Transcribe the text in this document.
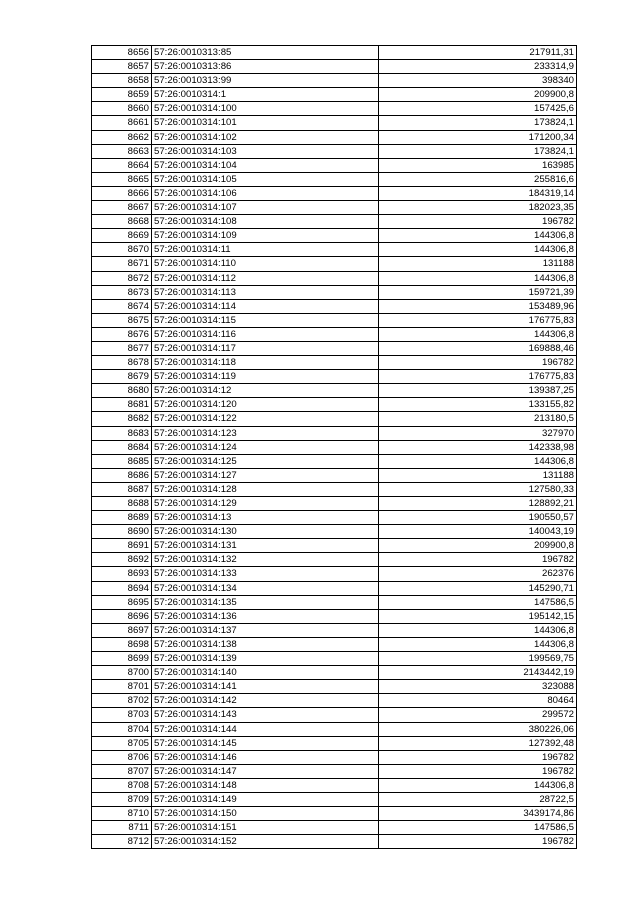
8656	57:26:0010313:85	217911,31
8657	57:26:0010313:86	233314,9
8658	57:26:0010313:99	398340
8659	57:26:0010314:1	209900,8
8660	57:26:0010314:100	157425,6
8661	57:26:0010314:101	173824,1
8662	57:26:0010314:102	171200,34
8663	57:26:0010314:103	173824,1
8664	57:26:0010314:104	163985
8665	57:26:0010314:105	255816,6
8666	57:26:0010314:106	184319,14
8667	57:26:0010314:107	182023,35
8668	57:26:0010314:108	196782
8669	57:26:0010314:109	144306,8
8670	57:26:0010314:11	144306,8
8671	57:26:0010314:110	131188
8672	57:26:0010314:112	144306,8
8673	57:26:0010314:113	159721,39
8674	57:26:0010314:114	153489,96
8675	57:26:0010314:115	176775,83
8676	57:26:0010314:116	144306,8
8677	57:26:0010314:117	169888,46
8678	57:26:0010314:118	196782
8679	57:26:0010314:119	176775,83
8680	57:26:0010314:12	139387,25
8681	57:26:0010314:120	133155,82
8682	57:26:0010314:122	213180,5
8683	57:26:0010314:123	327970
8684	57:26:0010314:124	142338,98
8685	57:26:0010314:125	144306,8
8686	57:26:0010314:127	131188
8687	57:26:0010314:128	127580,33
8688	57:26:0010314:129	128892,21
8689	57:26:0010314:13	190550,57
8690	57:26:0010314:130	140043,19
8691	57:26:0010314:131	209900,8
8692	57:26:0010314:132	196782
8693	57:26:0010314:133	262376
8694	57:26:0010314:134	145290,71
8695	57:26:0010314:135	147586,5
8696	57:26:0010314:136	195142,15
8697	57:26:0010314:137	144306,8
8698	57:26:0010314:138	144306,8
8699	57:26:0010314:139	199569,75
8700	57:26:0010314:140	2143442,19
8701	57:26:0010314:141	323088
8702	57:26:0010314:142	80464
8703	57:26:0010314:143	299572
8704	57:26:0010314:144	380226,06
8705	57:26:0010314:145	127392,48
8706	57:26:0010314:146	196782
8707	57:26:0010314:147	196782
8708	57:26:0010314:148	144306,8
8709	57:26:0010314:149	28722,5
8710	57:26:0010314:150	3439174,86
8711	57:26:0010314:151	147586,5
8712	57:26:0010314:152	196782
